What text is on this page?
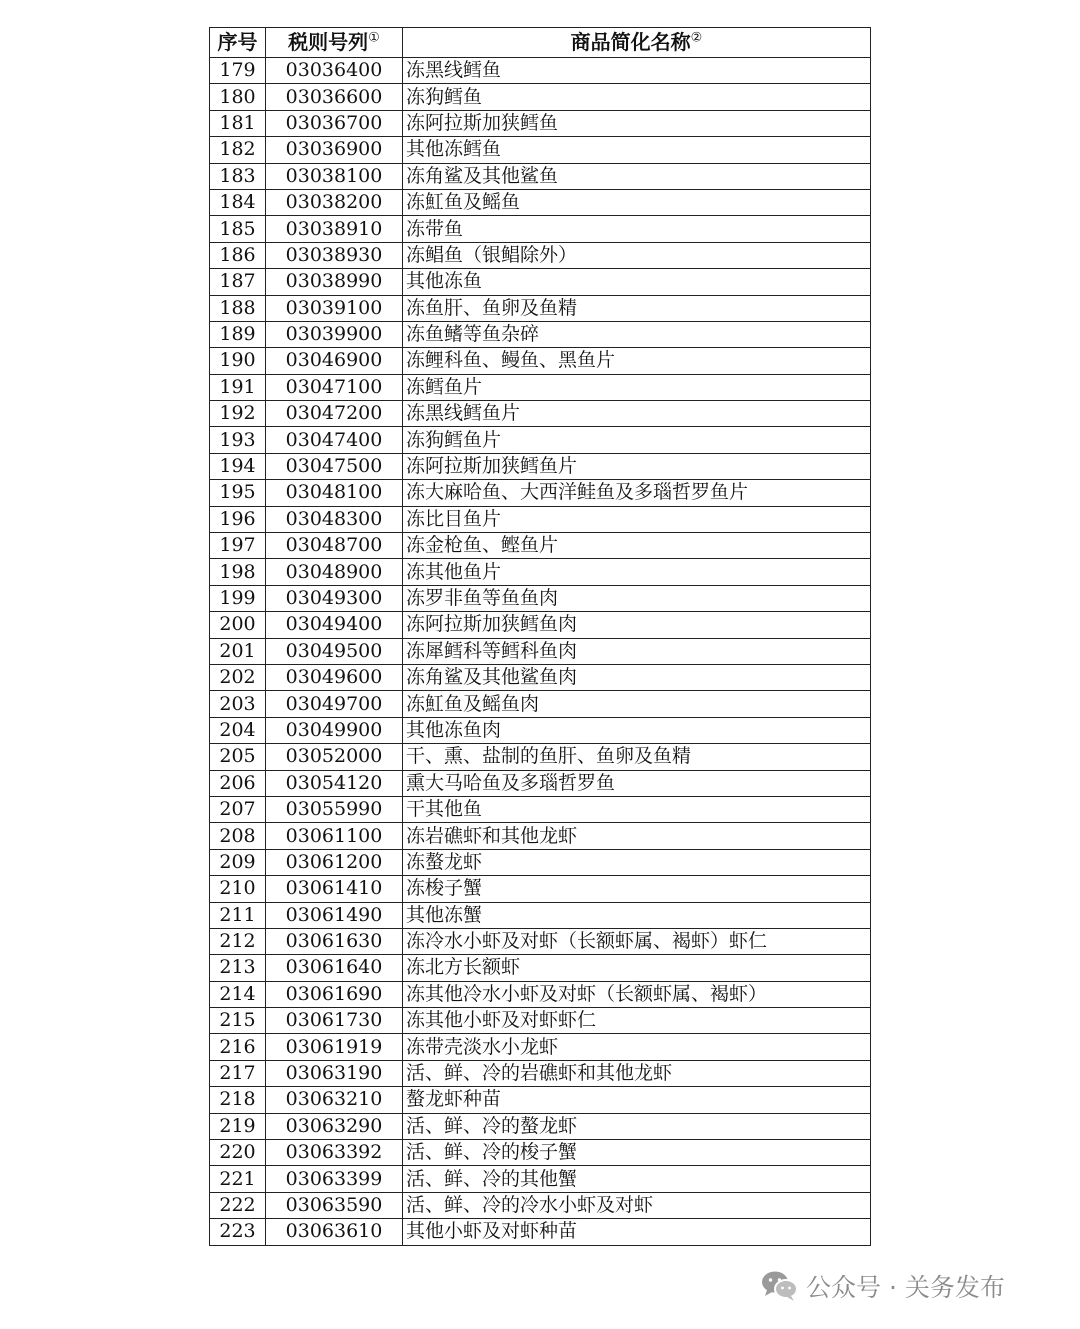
序号	税则号列①	商品简化名称②
179	03036400	冻黑线鳕鱼
180	03036600	冻狗鳕鱼
181	03036700	冻阿拉斯加狭鳕鱼
182	03036900	其他冻鳕鱼
183	03038100	冻角鲨及其他鲨鱼
184	03038200	冻魟鱼及鳐鱼
185	03038910	冻带鱼
186	03038930	冻鲳鱼（银鲳除外）
187	03038990	其他冻鱼
188	03039100	冻鱼肝、鱼卵及鱼精
189	03039900	冻鱼鳍等鱼杂碎
190	03046900	冻鲤科鱼、鳗鱼、黑鱼片
191	03047100	冻鳕鱼片
192	03047200	冻黑线鳕鱼片
193	03047400	冻狗鳕鱼片
194	03047500	冻阿拉斯加狭鳕鱼片
195	03048100	冻大麻哈鱼、大西洋鲑鱼及多瑙哲罗鱼片
196	03048300	冻比目鱼片
197	03048700	冻金枪鱼、鲣鱼片
198	03048900	冻其他鱼片
199	03049300	冻罗非鱼等鱼鱼肉
200	03049400	冻阿拉斯加狭鳕鱼肉
201	03049500	冻犀鳕科等鳕科鱼肉
202	03049600	冻角鲨及其他鲨鱼肉
203	03049700	冻魟鱼及鳐鱼肉
204	03049900	其他冻鱼肉
205	03052000	干、熏、盐制的鱼肝、鱼卵及鱼精
206	03054120	熏大马哈鱼及多瑙哲罗鱼
207	03055990	干其他鱼
208	03061100	冻岩礁虾和其他龙虾
209	03061200	冻螯龙虾
210	03061410	冻梭子蟹
211	03061490	其他冻蟹
212	03061630	冻冷水小虾及对虾（长额虾属、褐虾）虾仁
213	03061640	冻北方长额虾
214	03061690	冻其他冷水小虾及对虾（长额虾属、褐虾）
215	03061730	冻其他小虾及对虾虾仁
216	03061919	冻带壳淡水小龙虾
217	03063190	活、鲜、冷的岩礁虾和其他龙虾
218	03063210	螯龙虾种苗
219	03063290	活、鲜、冷的螯龙虾
220	03063392	活、鲜、冷的梭子蟹
221	03063399	活、鲜、冷的其他蟹
222	03063590	活、鲜、冷的冷水小虾及对虾
223	03063610	其他小虾及对虾种苗
公众号 · 关务发布
